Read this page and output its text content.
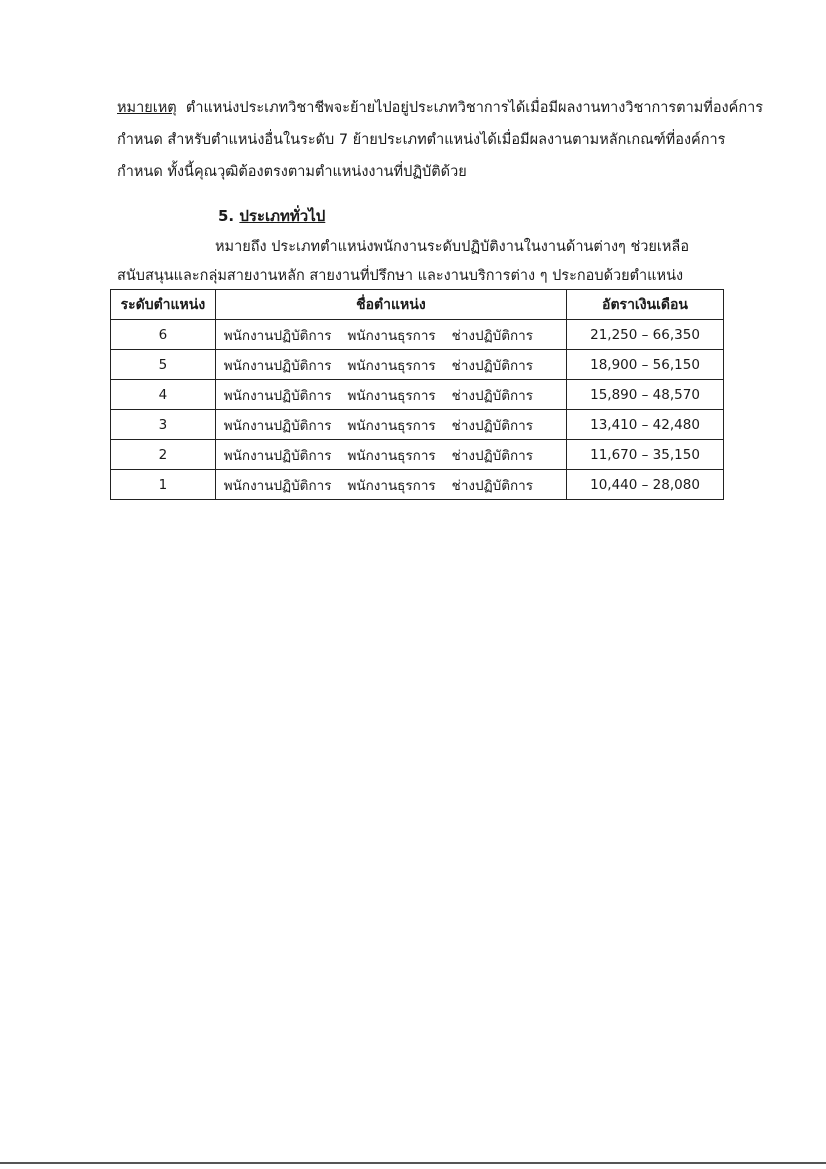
หมายเหตุ ตำแหน่งประเภทวิชาชีพจะย้ายไปอยู่ประเภทวิชาการได้เมื่อมีผลงานทางวิชาการตามที่องค์การ
กำหนด สำหรับตำแหน่งอื่นในระดับ 7 ย้ายประเภทตำแหน่งได้เมื่อมีผลงานตามหลักเกณฑ์ที่องค์การ
กำหนด ทั้งนี้คุณวุฒิต้องตรงตามตำแหน่งงานที่ปฏิบัติด้วย
5. ประเภททั่วไป
หมายถึง ประเภทตำแหน่งพนักงานระดับปฏิบัติงานในงานด้านต่างๆ ช่วยเหลือ
สนับสนุนและกลุ่มสายงานหลัก สายงานที่ปรึกษา และงานบริการต่าง ๆ ประกอบด้วยตำแหน่ง
ระดับตำแหน่ง	ชื่อตำแหน่ง	อัตราเงินเดือน
6	พนักงานปฏิบัติการ พนักงานธุรการ ช่างปฏิบัติการ	21,250 – 66,350
5	พนักงานปฏิบัติการ พนักงานธุรการ ช่างปฏิบัติการ	18,900 – 56,150
4	พนักงานปฏิบัติการ พนักงานธุรการ ช่างปฏิบัติการ	15,890 – 48,570
3	พนักงานปฏิบัติการ พนักงานธุรการ ช่างปฏิบัติการ	13,410 – 42,480
2	พนักงานปฏิบัติการ พนักงานธุรการ ช่างปฏิบัติการ	11,670 – 35,150
1	พนักงานปฏิบัติการ พนักงานธุรการ ช่างปฏิบัติการ	10,440 – 28,080
